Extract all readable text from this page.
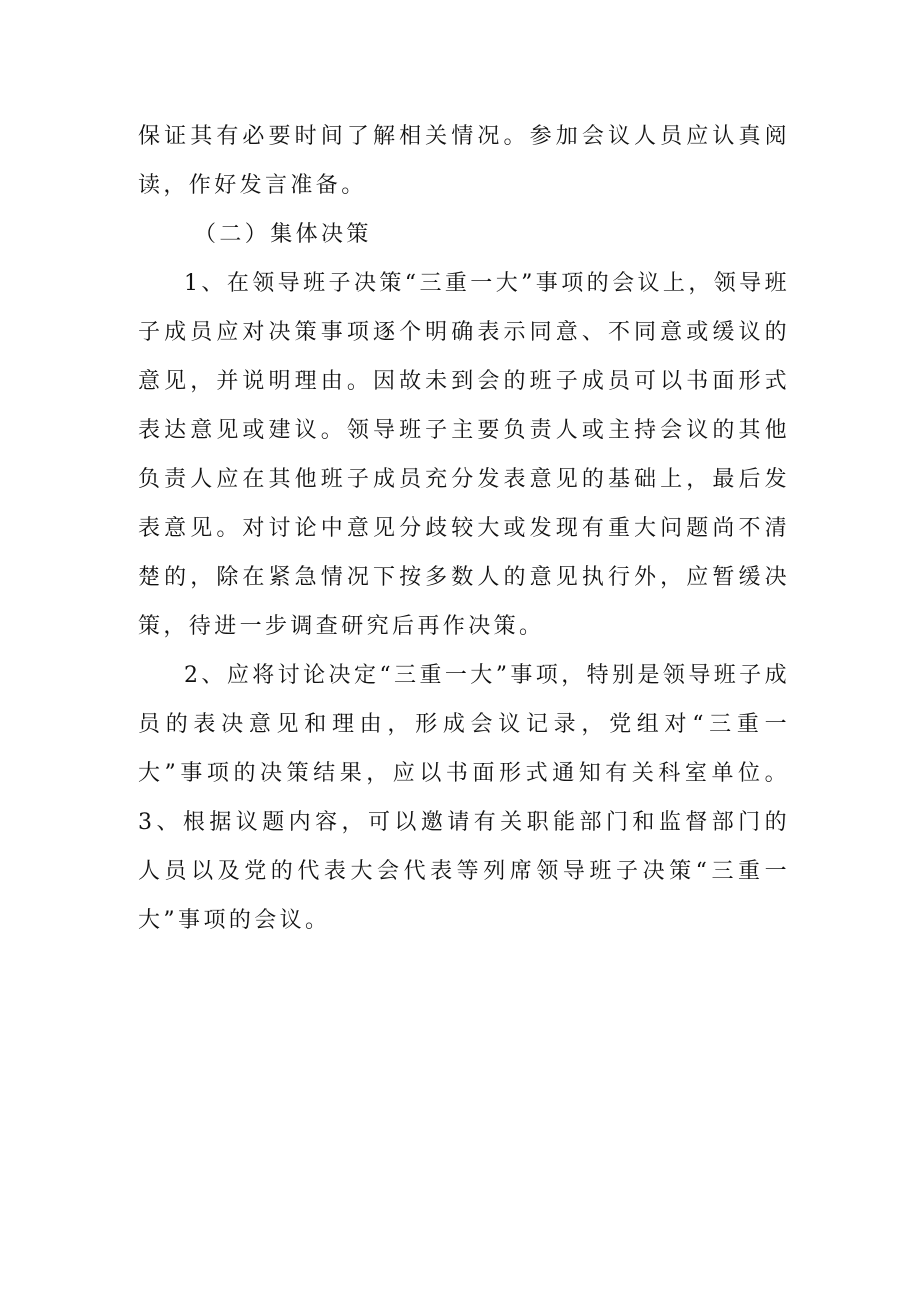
保证其有必要时间了解相关情况。参加会议人员应认真阅读，作好发言准备。

（二）集体决策

1、在领导班子决策“三重一大”事项的会议上，领导班子成员应对决策事项逐个明确表示同意、不同意或缓议的意见，并说明理由。因故未到会的班子成员可以书面形式表达意见或建议。领导班子主要负责人或主持会议的其他负责人应在其他班子成员充分发表意见的基础上，最后发表意见。对讨论中意见分歧较大或发现有重大问题尚不清楚的，除在紧急情况下按多数人的意见执行外，应暂缓决策，待进一步调查研究后再作决策。

2、应将讨论决定“三重一大”事项，特别是领导班子成员的表决意见和理由，形成会议记录，党组对“三重一大”事项的决策结果，应以书面形式通知有关科室单位。3、根据议题内容，可以邀请有关职能部门和监督部门的人员以及党的代表大会代表等列席领导班子决策“三重一大”事项的会议。
